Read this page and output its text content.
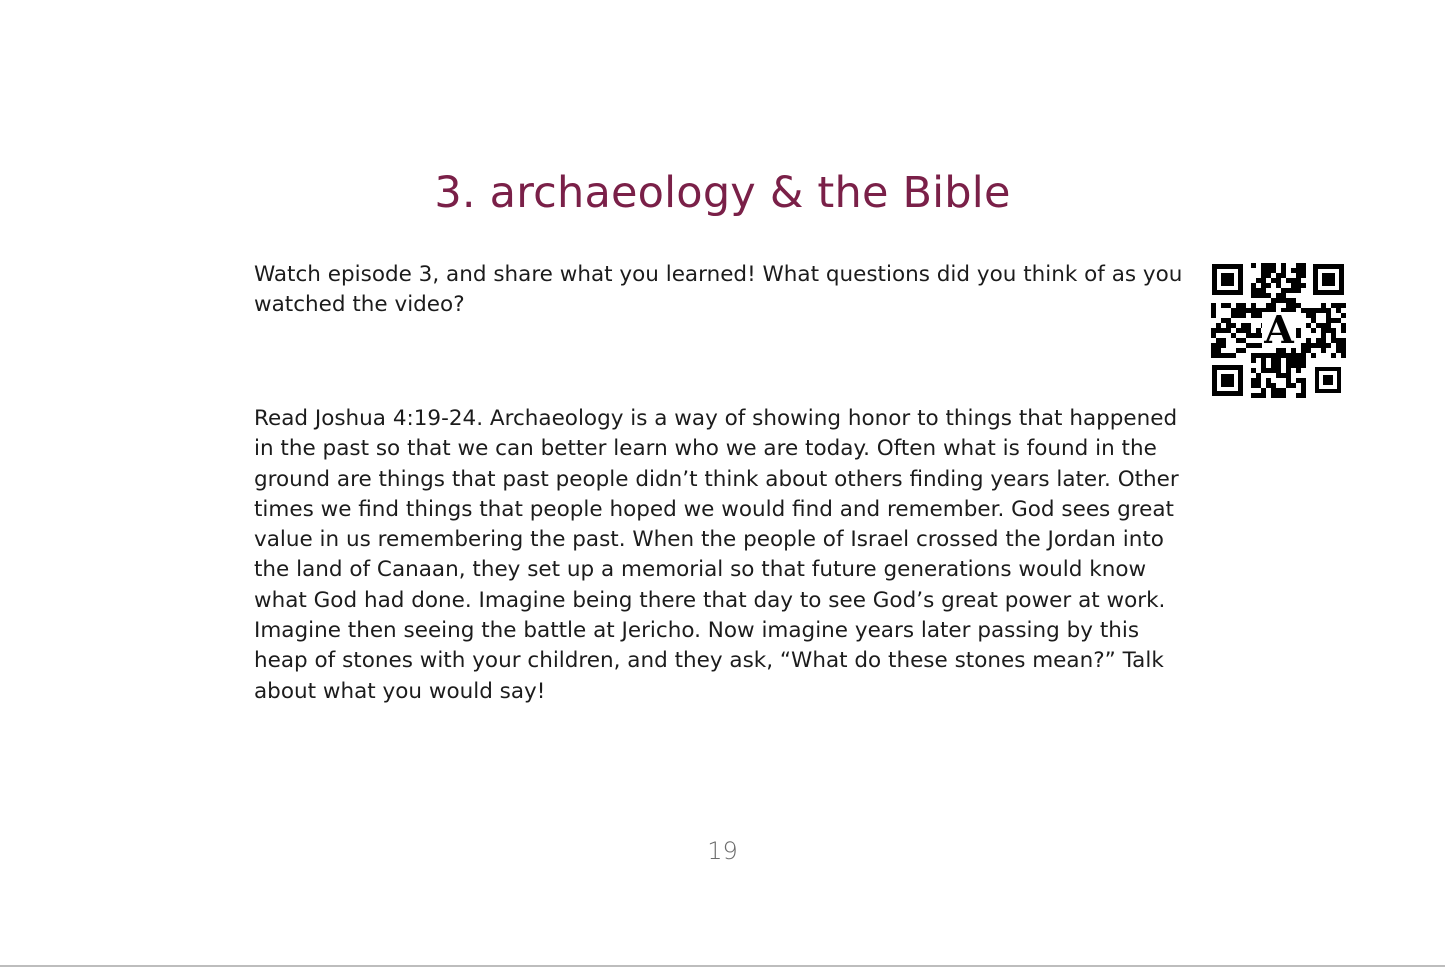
3. archaeology & the Bible

Watch episode 3, and share what you learned! What questions did you think of as you watched the video?

Read Joshua 4:19-24. Archaeology is a way of showing honor to things that happened in the past so that we can better learn who we are today. Often what is found in the ground are things that past people didn’t think about others finding years later. Other times we find things that people hoped we would find and remember. God sees great value in us remembering the past. When the people of Israel crossed the Jordan into the land of Canaan, they set up a memorial so that future generations would know what God had done. Imagine being there that day to see God’s great power at work. Imagine then seeing the battle at Jericho. Now imagine years later passing by this heap of stones with your children, and they ask, “What do these stones mean?” Talk about what you would say!

A
19
